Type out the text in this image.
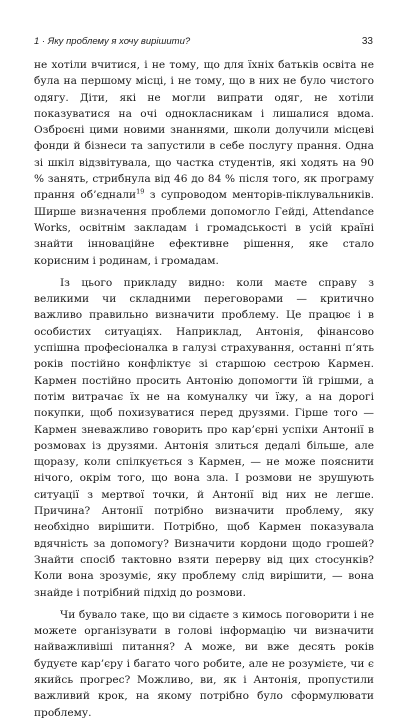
1 · Яку проблему я хочу вирішити?	33

не хотіли вчитися, і не тому, що для їхніх батьків освіта не була на першому місці, і не тому, що в них не було чистого одягу. Діти, які не могли випрати одяг, не хотіли показуватися на очі однокласникам і лишалися вдома. Озброєні цими новими знаннями, школи долучили місцеві фонди й бізнеси та запустили в себе послугу прання. Одна зі шкіл відзвітувала, що частка студентів, які ходять на 90 % занять, стрибнула від 46 до 84 % після того, як програму прання об’єднали$^{19}$ з супроводом менторів-піклувальників. Ширше визначення проблеми допомогло Гейді, Attendance Works, освітнім закладам і громадськості в усій країні знайти інноваційне ефективне рішення, яке стало корисним і родинам, і громадам.

Із цього прикладу видно: коли маєте справу з великими чи складними переговорами — критично важливо правильно визначити проблему. Це працює і в особистих ситуаціях. Наприклад, Антонія, фінансово успішна професіоналка в галузі страхування, останні п’ять років постійно конфліктує зі старшою сестрою Кармен. Кармен постійно просить Антонію допомогти їй грішми, а потім витрачає їх не на комуналку чи їжу, а на дорогі покупки, щоб похизуватися перед друзями. Гірше того — Кармен зневажливо говорить про кар’єрні успіхи Антонії в розмовах із друзями. Антонія злиться дедалі більше, але щоразу, коли спілкується з Кармен, — не може пояснити нічого, окрім того, що вона зла. І розмови не зрушують ситуації з мертвої точки, й Антонії від них не легше. Причина? Антонії потрібно визначити проблему, яку необхідно вирішити. Потрібно, щоб Кармен показувала вдячність за допомогу? Визначити кордони щодо грошей? Знайти спосіб тактовно взяти перерву від цих стосунків? Коли вона зрозуміє, яку проблему слід вирішити, — вона знайде і потрібний підхід до розмови.

Чи бувало таке, що ви сідаєте з кимось поговорити і не можете організувати в голові інформацію чи визначити найважливіші питання? А може, ви вже десять років будуєте кар’єру і багато чого робите, але не розумієте, чи є якийсь прогрес? Можливо, ви, як і Антонія, пропустили важливий крок, на якому потрібно було сформулювати проблему.
